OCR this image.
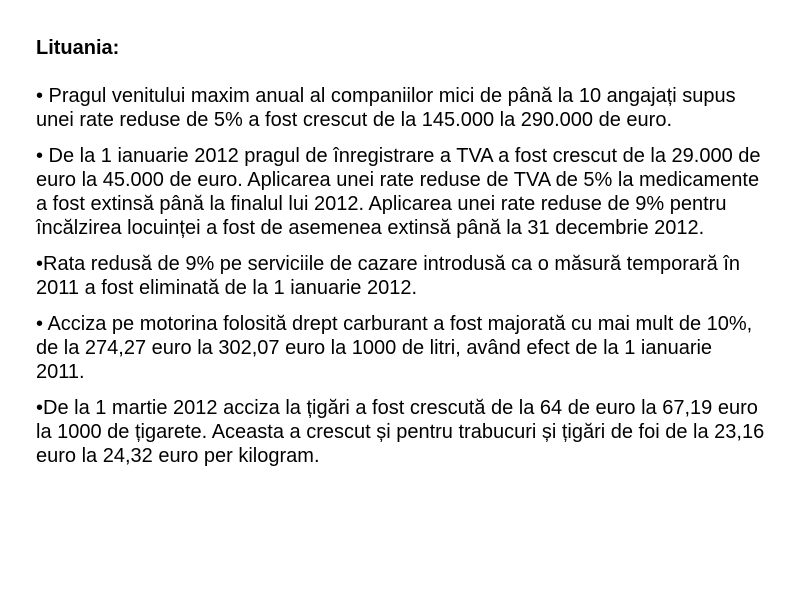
Lituania:
• Pragul venitului maxim anual al companiilor mici de până la 10 angajați supus unei rate reduse de 5% a fost crescut de la 145.000 la 290.000 de euro.
• De la 1 ianuarie 2012 pragul de înregistrare a TVA a fost crescut de la 29.000 de euro la 45.000 de euro. Aplicarea unei rate reduse de TVA de 5% la medicamente a fost extinsă până la finalul lui 2012. Aplicarea unei rate reduse de 9% pentru încălzirea locuinței a fost de asemenea extinsă până la 31 decembrie 2012.
•Rata redusă de 9% pe serviciile de cazare introdusă ca o măsură temporară în 2011 a fost eliminată de la 1 ianuarie 2012.
• Acciza pe motorina folosită drept carburant a fost majorată cu mai mult de 10%, de la 274,27 euro la 302,07 euro la 1000 de litri, având efect de la 1 ianuarie 2011.
•De la 1 martie 2012 acciza la țigări a fost crescută de la 64 de euro la 67,19 euro la 1000 de țigarete. Aceasta a crescut și pentru trabucuri și țigări de foi de la 23,16 euro la 24,32 euro per kilogram.
